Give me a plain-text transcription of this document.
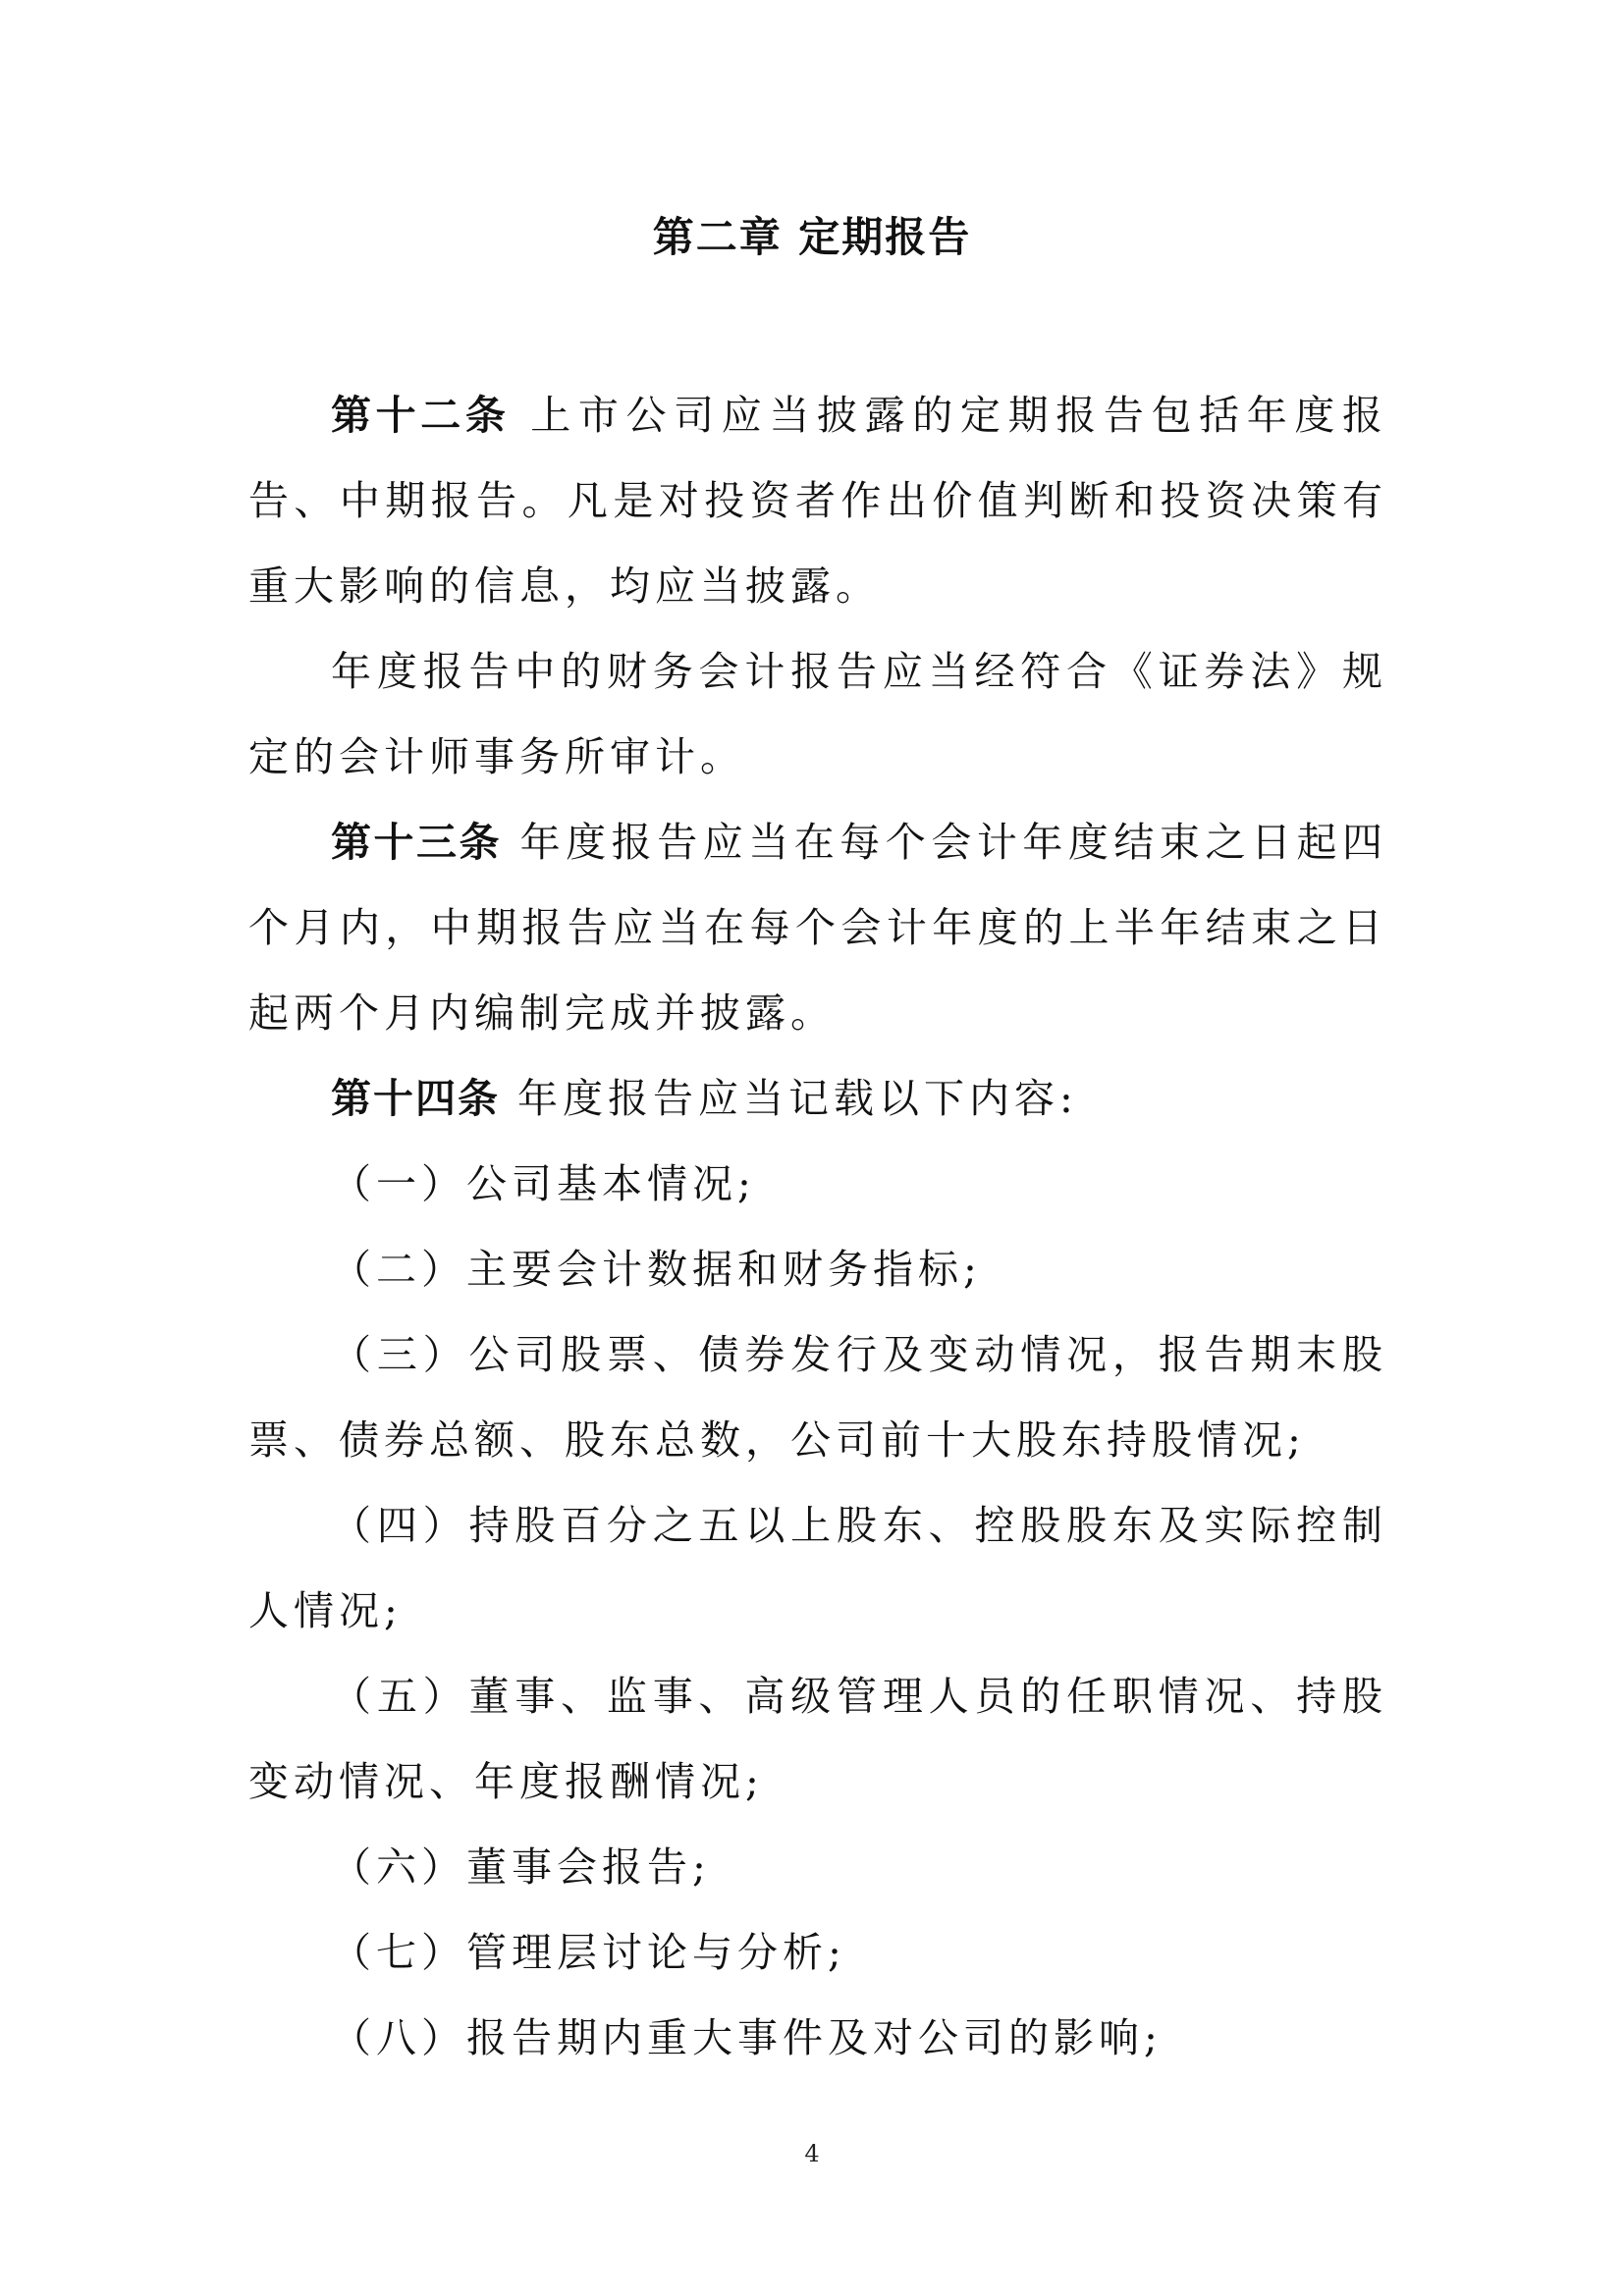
第二章 定期报告

第十二条 上市公司应当披露的定期报告包括年度报告、中期报告。凡是对投资者作出价值判断和投资决策有重大影响的信息，均应当披露。

年度报告中的财务会计报告应当经符合《证券法》规定的会计师事务所审计。

第十三条 年度报告应当在每个会计年度结束之日起四个月内，中期报告应当在每个会计年度的上半年结束之日起两个月内编制完成并披露。

第十四条 年度报告应当记载以下内容:

（一）公司基本情况;

（二）主要会计数据和财务指标;

（三）公司股票、债券发行及变动情况，报告期末股票、债券总额、股东总数，公司前十大股东持股情况;

（四）持股百分之五以上股东、控股股东及实际控制人情况;

（五）董事、监事、高级管理人员的任职情况、持股变动情况、年度报酬情况;

（六）董事会报告;

（七）管理层讨论与分析;

（八）报告期内重大事件及对公司的影响;

4
